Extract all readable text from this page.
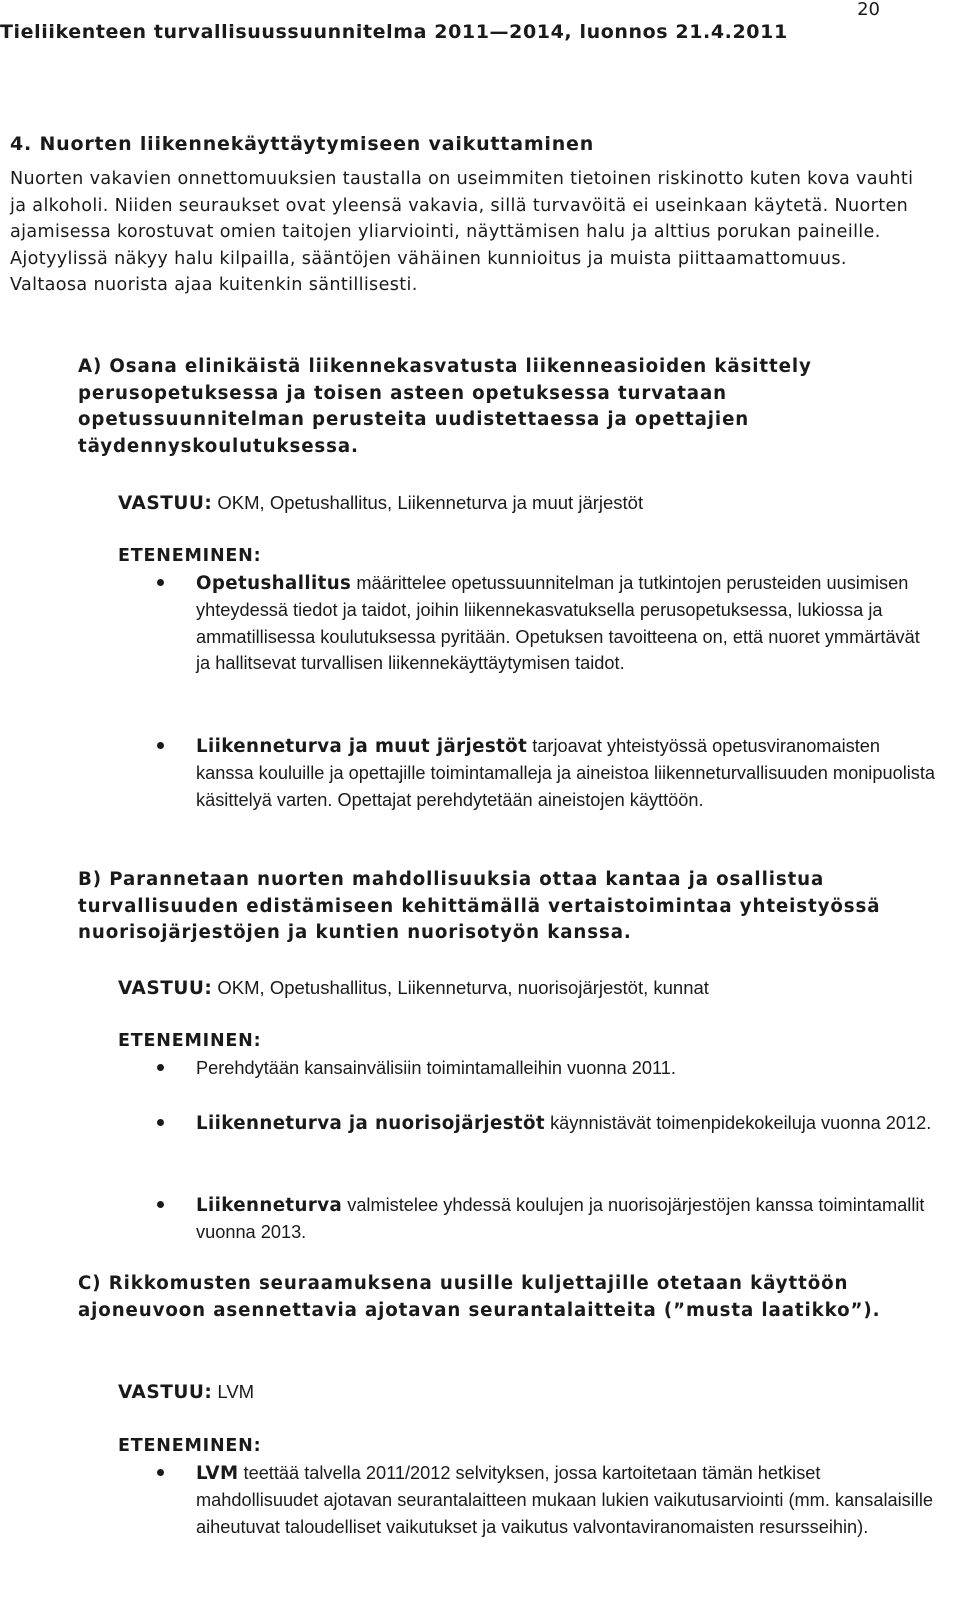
20
Tieliikenteen turvallisuussuunnitelma 2011—2014, luonnos 21.4.2011
4. Nuorten liikennekäyttäytymiseen vaikuttaminen

Nuorten vakavien onnettomuuksien taustalla on useimmiten tietoinen riskinotto kuten kova vauhti ja alkoholi. Niiden seuraukset ovat yleensä vakavia, sillä turvavöitä ei useinkaan käytetä. Nuorten ajamisessa korostuvat omien taitojen yliarviointi, näyttämisen halu ja alttius porukan paineille. Ajotyylissä näkyy halu kilpailla, sääntöjen vähäinen kunnioitus ja muista piittaamattomuus. Valtaosa nuorista ajaa kuitenkin säntillisesti.

A) Osana elinikäistä liikennekasvatusta liikenneasioiden käsittely perusopetuksessa ja toisen asteen opetuksessa turvataan opetussuunnitelman perusteita uudistettaessa ja opettajien täydennyskoulutuksessa.

VASTUU: OKM, Opetushallitus, Liikenneturva ja muut järjestöt

ETENEMINEN:

Opetushallitus määrittelee opetussuunnitelman ja tutkintojen perusteiden uusimisen yhteydessä tiedot ja taidot, joihin liikennekasvatuksella perusopetuksessa, lukiossa ja ammatillisessa koulutuksessa pyritään. Opetuksen tavoitteena on, että nuoret ymmärtävät ja hallitsevat turvallisen liikennekäyttäytymisen taidot.

Liikenneturva ja muut järjestöt tarjoavat yhteistyössä opetusviranomaisten kanssa kouluille ja opettajille toimintamalleja ja aineistoa liikenneturvallisuuden monipuolista käsittelyä varten. Opettajat perehdytetään aineistojen käyttöön.

B) Parannetaan nuorten mahdollisuuksia ottaa kantaa ja osallistua turvallisuuden edistämiseen kehittämällä vertaistoimintaa yhteistyössä nuorisojärjestöjen ja kuntien nuorisotyön kanssa.

VASTUU: OKM, Opetushallitus, Liikenneturva, nuorisojärjestöt, kunnat

ETENEMINEN:

Perehdytään kansainvälisiin toimintamalleihin vuonna 2011.

Liikenneturva ja nuorisojärjestöt käynnistävät toimenpidekokeiluja vuonna 2012.

Liikenneturva valmistelee yhdessä koulujen ja nuorisojärjestöjen kanssa toimintamallit vuonna 2013.

C) Rikkomusten seuraamuksena uusille kuljettajille otetaan käyttöön ajoneuvoon asennettavia ajotavan seurantalaitteita (”musta laatikko”).

VASTUU: LVM

ETENEMINEN:

LVM teettää talvella 2011/2012 selvityksen, jossa kartoitetaan tämän hetkiset mahdollisuudet ajotavan seurantalaitteen mukaan lukien vaikutusarviointi (mm. kansalaisille aiheutuvat taloudelliset vaikutukset ja vaikutus valvontaviranomaisten resursseihin).
